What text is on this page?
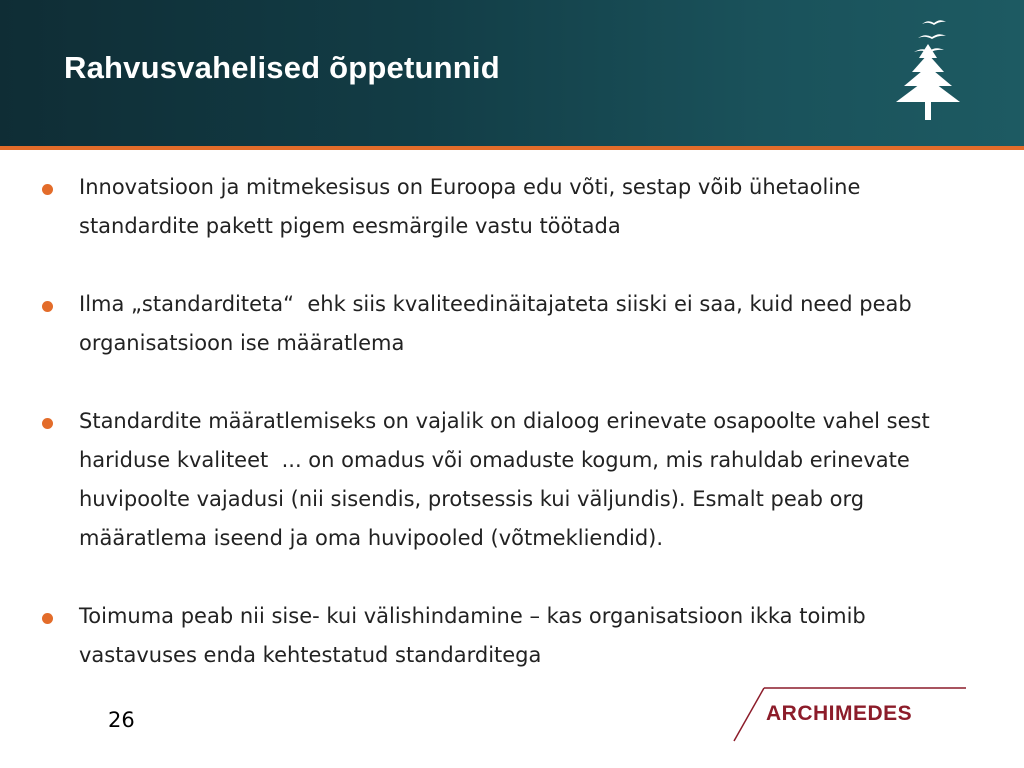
Rahvusvahelised õppetunnid
Innovatsioon ja mitmekesisus on Euroopa edu võti, sestap võib ühetaoline standardite pakett pigem eesmärgile vastu töötada
Ilma „standarditeta“  ehk siis kvaliteedinäitajateta siiski ei saa, kuid need peab organisatsioon ise määratlema
Standardite määratlemiseks on vajalik on dialoog erinevate osapoolte vahel sest  hariduse kvaliteet  ... on omadus või omaduste kogum, mis rahuldab erinevate huvipoolte vajadusi (nii sisendis, protsessis kui väljundis). Esmalt peab org määratlema iseend ja oma huvipooled (võtmekliendid).
Toimuma peab nii sise- kui välishindamine – kas organisatsioon ikka toimib vastavuses enda kehtestatud standarditega
26	ARCHIMEDES
